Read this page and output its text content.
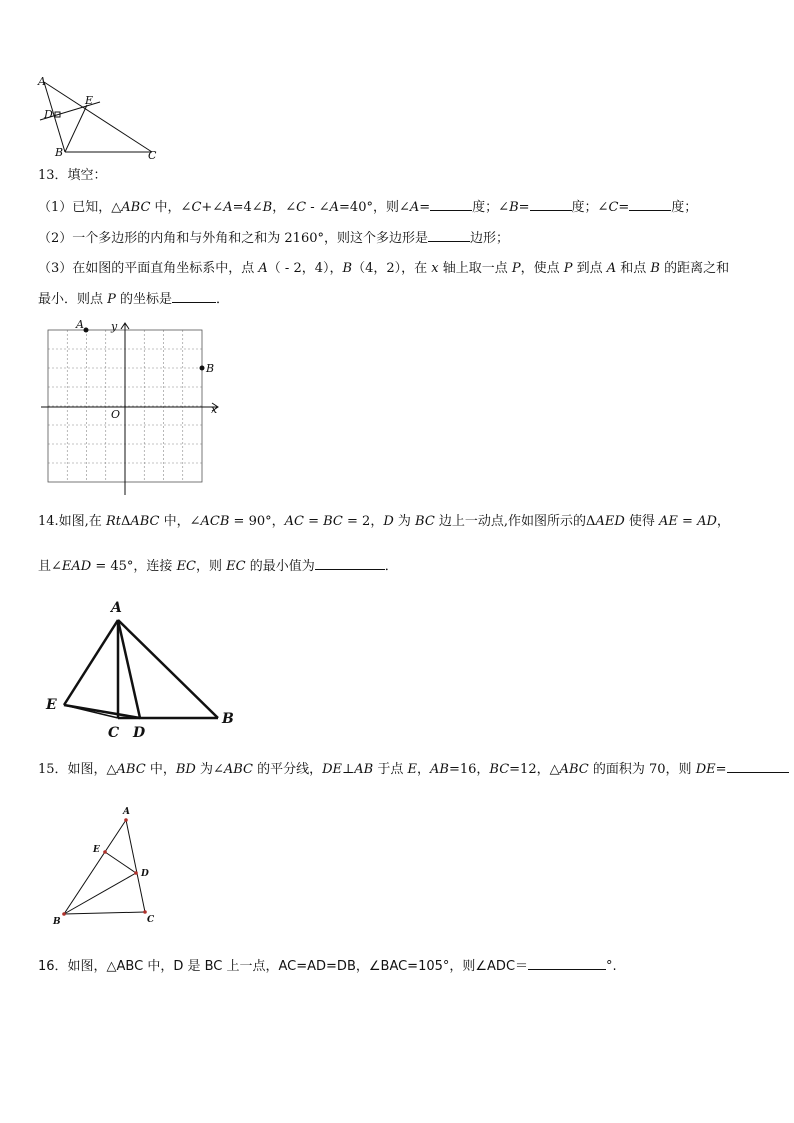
A
D
E
B	C
13．填空：
（1）已知，△ABC 中，∠C+∠A=4∠B，∠C - ∠A=40°，则∠A=	度；∠B=	度；∠C=	度；
（2）一个多边形的内角和与外角和之和为 2160°，则这个多边形是	边形；
（3）在如图的平面直角坐标系中，点 A（ - 2，4），B（4，2），在 x 轴上取一点 P，使点 P 到点 A 和点 B 的距离之和
最小．则点 P 的坐标是	．
A y
B
O	x
14.如图,在 RtΔABC 中，∠ACB = 90°，AC = BC = 2，D 为 BC 边上一动点,作如图所示的ΔAED 使得 AE = AD，
且∠EAD = 45°，连接 EC，则 EC 的最小值为	．
A
E
C D
B
15．如图，△ABC 中，BD 为∠ABC 的平分线，DE⊥AB 于点 E，AB=16，BC=12，△ABC 的面积为 70，则 DE=
A
E
D
B	C
16．如图，△ABC 中，D 是 BC 上一点，AC=AD=DB，∠BAC=105°，则∠ADC＝	°.
